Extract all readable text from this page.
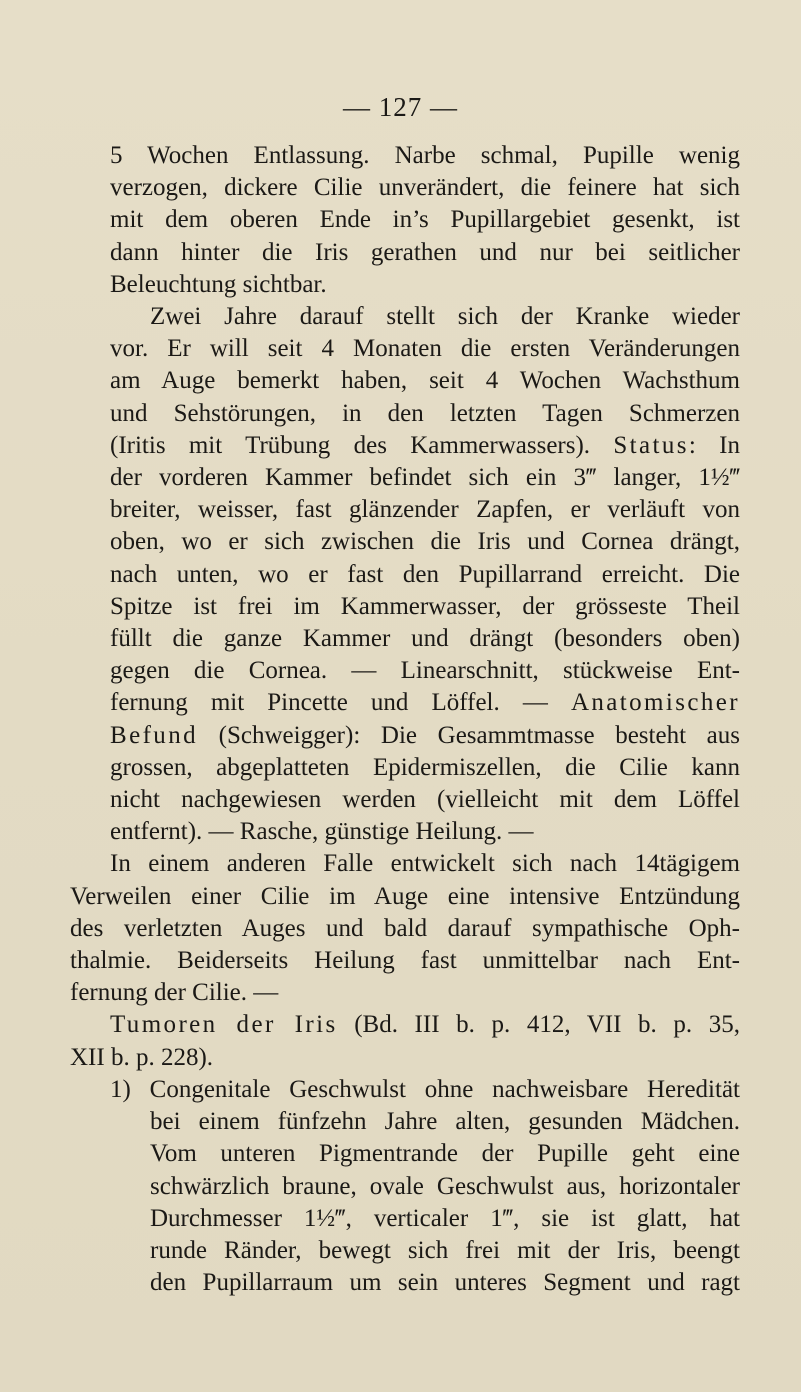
— 127 —

5 Wochen Entlassung. Narbe schmal, Pupille wenig
verzogen, dickere Cilie unverändert, die feinere hat sich
mit dem oberen Ende in’s Pupillargebiet gesenkt, ist
dann hinter die Iris gerathen und nur bei seitlicher
Beleuchtung sichtbar.

Zwei Jahre darauf stellt sich der Kranke wieder
vor. Er will seit 4 Monaten die ersten Veränderungen
am Auge bemerkt haben, seit 4 Wochen Wachsthum
und Sehstörungen, in den letzten Tagen Schmerzen
(Iritis mit Trübung des Kammerwassers). Status: In
der vorderen Kammer befindet sich ein 3‴ langer, 1½‴
breiter, weisser, fast glänzender Zapfen, er verläuft von
oben, wo er sich zwischen die Iris und Cornea drängt,
nach unten, wo er fast den Pupillarrand erreicht. Die
Spitze ist frei im Kammerwasser, der grösseste Theil
füllt die ganze Kammer und drängt (besonders oben)
gegen die Cornea. — Linearschnitt, stückweise Ent-
fernung mit Pincette und Löffel. — Anatomischer
Befund (Schweigger): Die Gesammtmasse besteht aus
grossen, abgeplatteten Epidermiszellen, die Cilie kann
nicht nachgewiesen werden (vielleicht mit dem Löffel
entfernt). — Rasche, günstige Heilung. —

In einem anderen Falle entwickelt sich nach 14tägigem
Verweilen einer Cilie im Auge eine intensive Entzündung
des verletzten Auges und bald darauf sympathische Oph-
thalmie. Beiderseits Heilung fast unmittelbar nach Ent-
fernung der Cilie. —

Tumoren der Iris (Bd. III b. p. 412, VII b. p. 35,
XII b. p. 228).

1) Congenitale Geschwulst ohne nachweisbare Heredität
bei einem fünfzehn Jahre alten, gesunden Mädchen.
Vom unteren Pigmentrande der Pupille geht eine
schwärzlich braune, ovale Geschwulst aus, horizontaler
Durchmesser 1½‴, verticaler 1‴, sie ist glatt, hat
runde Ränder, bewegt sich frei mit der Iris, beengt
den Pupillarraum um sein unteres Segment und ragt
